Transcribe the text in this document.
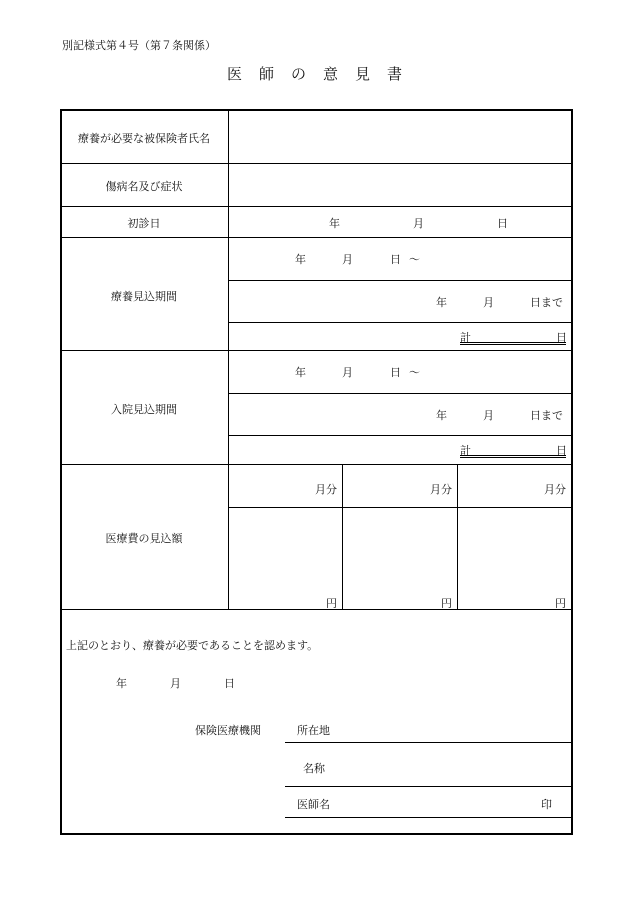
別記様式第４号（第７条関係）
医　師　の　意　見　書
療養が必要な被保険者氏名
傷病名及び症状
初診日	年	月	日
療養見込期間
年	月	日 ～
年	月	日まで
計	日
入院見込期間
年	月	日 ～
年	月	日まで
計	日
医療費の見込額
月分	月分	月分
円	円	円
上記のとおり、療養が必要であることを認めます。
年	月	日
保険医療機関	所在地
名称
医師名	印
